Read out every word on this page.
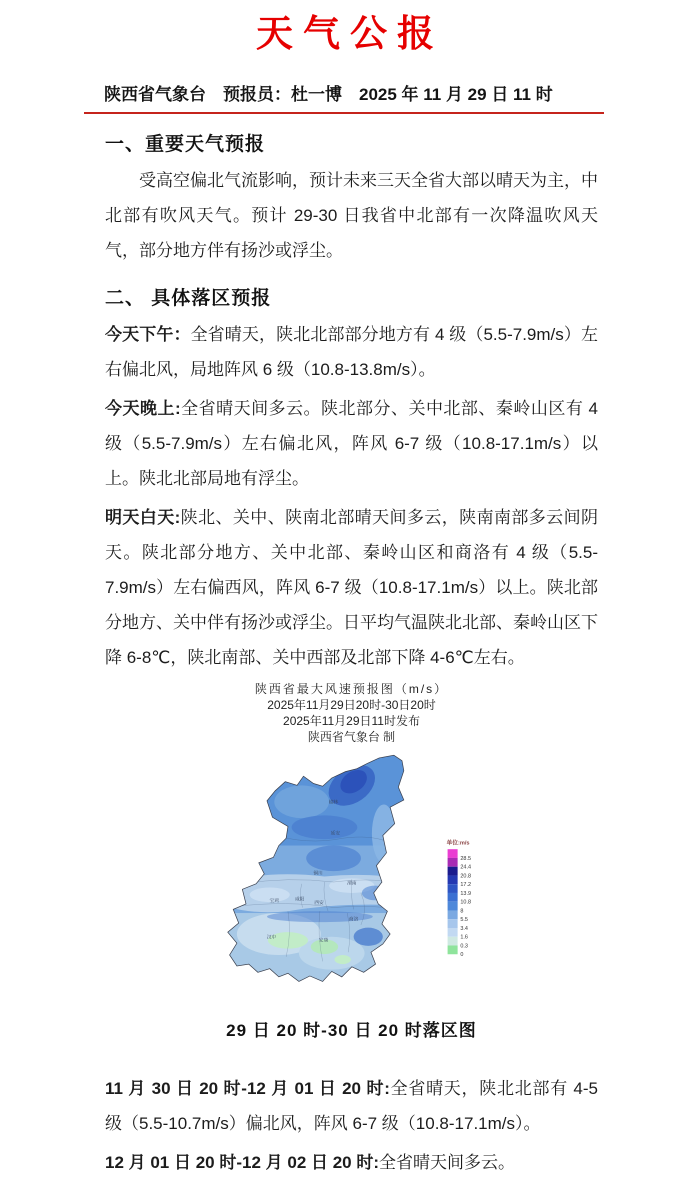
天气公报
陕西省气象台　预报员：杜一博　2025 年 11 月 29 日 11 时
一、重要天气预报

受高空偏北气流影响，预计未来三天全省大部以晴天为主，中北部有吹风天气。预计 29-30 日我省中北部有一次降温吹风天气，部分地方伴有扬沙或浮尘。

二、 具体落区预报

今天下午：全省晴天，陕北北部部分地方有 4 级（5.5-7.9m/s）左右偏北风，局地阵风 6 级（10.8-13.8m/s）。

今天晚上:全省晴天间多云。陕北部分、关中北部、秦岭山区有 4 级（5.5-7.9m/s）左右偏北风，阵风 6-7 级（10.8-17.1m/s）以上。陕北北部局地有浮尘。

明天白天:陕北、关中、陕南北部晴天间多云，陕南南部多云间阴天。陕北部分地方、关中北部、秦岭山区和商洛有 4 级（5.5-7.9m/s）左右偏西风，阵风 6-7 级（10.8-17.1m/s）以上。陕北部分地方、关中伴有扬沙或浮尘。日平均气温陕北北部、秦岭山区下降 6-8℃，陕北南部、关中西部及北部下降 4-6℃左右。

陕西省最大风速预报图（m/s）
2025年11月29日20时-30日20时
2025年11月29日11时发布
陕西省气象台 制
榆林
延安
铜川
渭南
咸阳
西安
宝鸡
商洛
汉中
安康
单位:m/s
28.5
24.4
20.8
17.2
13.9
10.8
8
5.5
3.4
1.6
0.3
0
29 日 20 时-30 日 20 时落区图

11 月 30 日 20 时-12 月 01 日 20 时:全省晴天，陕北北部有 4-5 级（5.5-10.7m/s）偏北风，阵风 6-7 级（10.8-17.1m/s）。

12 月 01 日 20 时-12 月 02 日 20 时:全省晴天间多云。
